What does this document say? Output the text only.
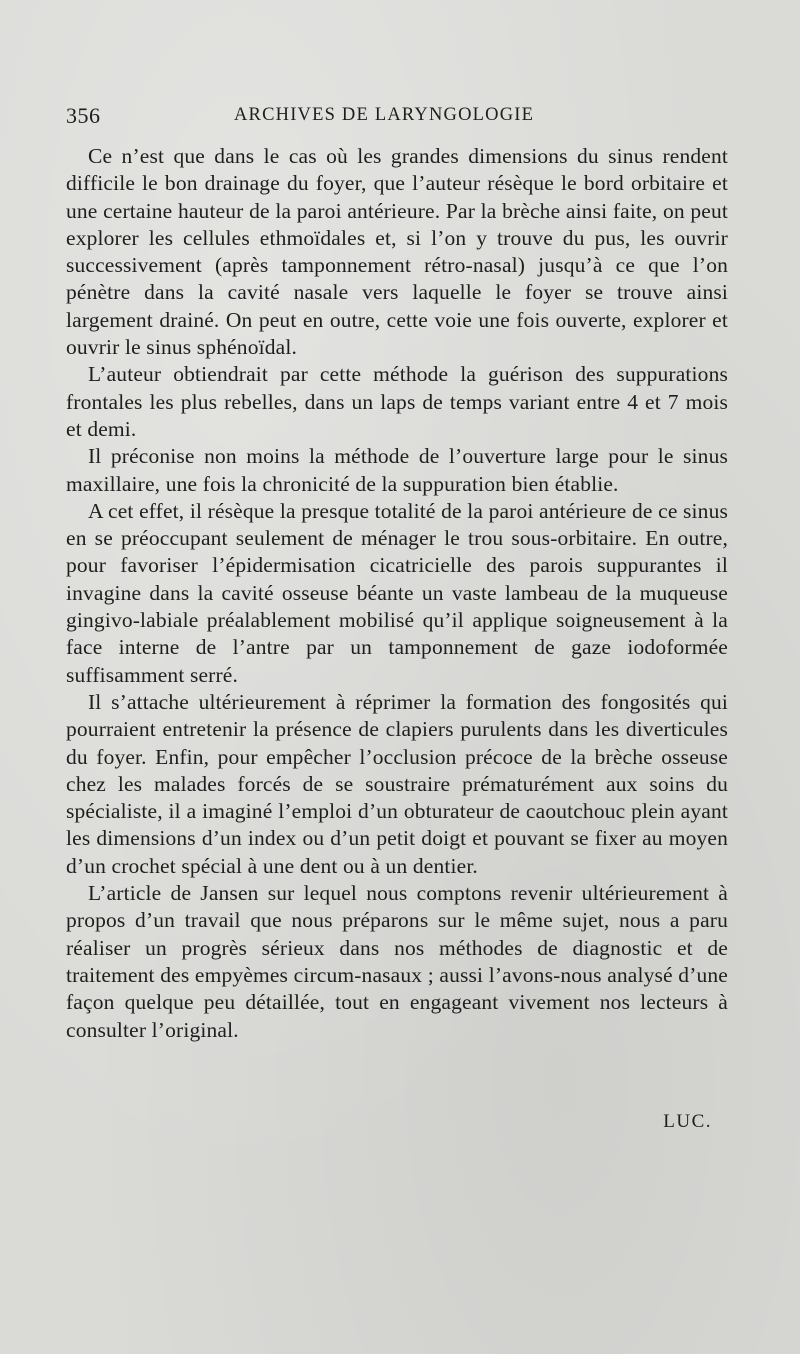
356	ARCHIVES DE LARYNGOLOGIE

Ce n’est que dans le cas où les grandes dimensions du sinus rendent difficile le bon drainage du foyer, que l’auteur résèque le bord orbitaire et une certaine hauteur de la paroi antérieure. Par la brèche ainsi faite, on peut explorer les cellules ethmoïdales et, si l’on y trouve du pus, les ouvrir successivement (après tamponnement rétro-nasal) jusqu’à ce que l’on pénètre dans la cavité nasale vers laquelle le foyer se trouve ainsi largement drainé. On peut en outre, cette voie une fois ouverte, explorer et ouvrir le sinus sphénoïdal.

L’auteur obtiendrait par cette méthode la guérison des suppurations frontales les plus rebelles, dans un laps de temps variant entre 4 et 7 mois et demi.

Il préconise non moins la méthode de l’ouverture large pour le sinus maxillaire, une fois la chronicité de la suppuration bien établie.

A cet effet, il résèque la presque totalité de la paroi antérieure de ce sinus en se préoccupant seulement de ménager le trou sous-orbitaire. En outre, pour favoriser l’épidermisation cicatricielle des parois suppurantes il invagine dans la cavité osseuse béante un vaste lambeau de la muqueuse gingivo-labiale préalablement mobilisé qu’il applique soigneusement à la face interne de l’antre par un tamponnement de gaze iodoformée suffisamment serré.

Il s’attache ultérieurement à réprimer la formation des fongosités qui pourraient entretenir la présence de clapiers purulents dans les diverticules du foyer. Enfin, pour empêcher l’occlusion précoce de la brèche osseuse chez les malades forcés de se soustraire prématurément aux soins du spécialiste, il a imaginé l’emploi d’un obturateur de caoutchouc plein ayant les dimensions d’un index ou d’un petit doigt et pouvant se fixer au moyen d’un crochet spécial à une dent ou à un dentier.

L’article de Jansen sur lequel nous comptons revenir ultérieurement à propos d’un travail que nous préparons sur le même sujet, nous a paru réaliser un progrès sérieux dans nos méthodes de diagnostic et de traitement des empyèmes circum-nasaux ; aussi l’avons-nous analysé d’une façon quelque peu détaillée, tout en engageant vivement nos lecteurs à consulter l’original.

LUC.
